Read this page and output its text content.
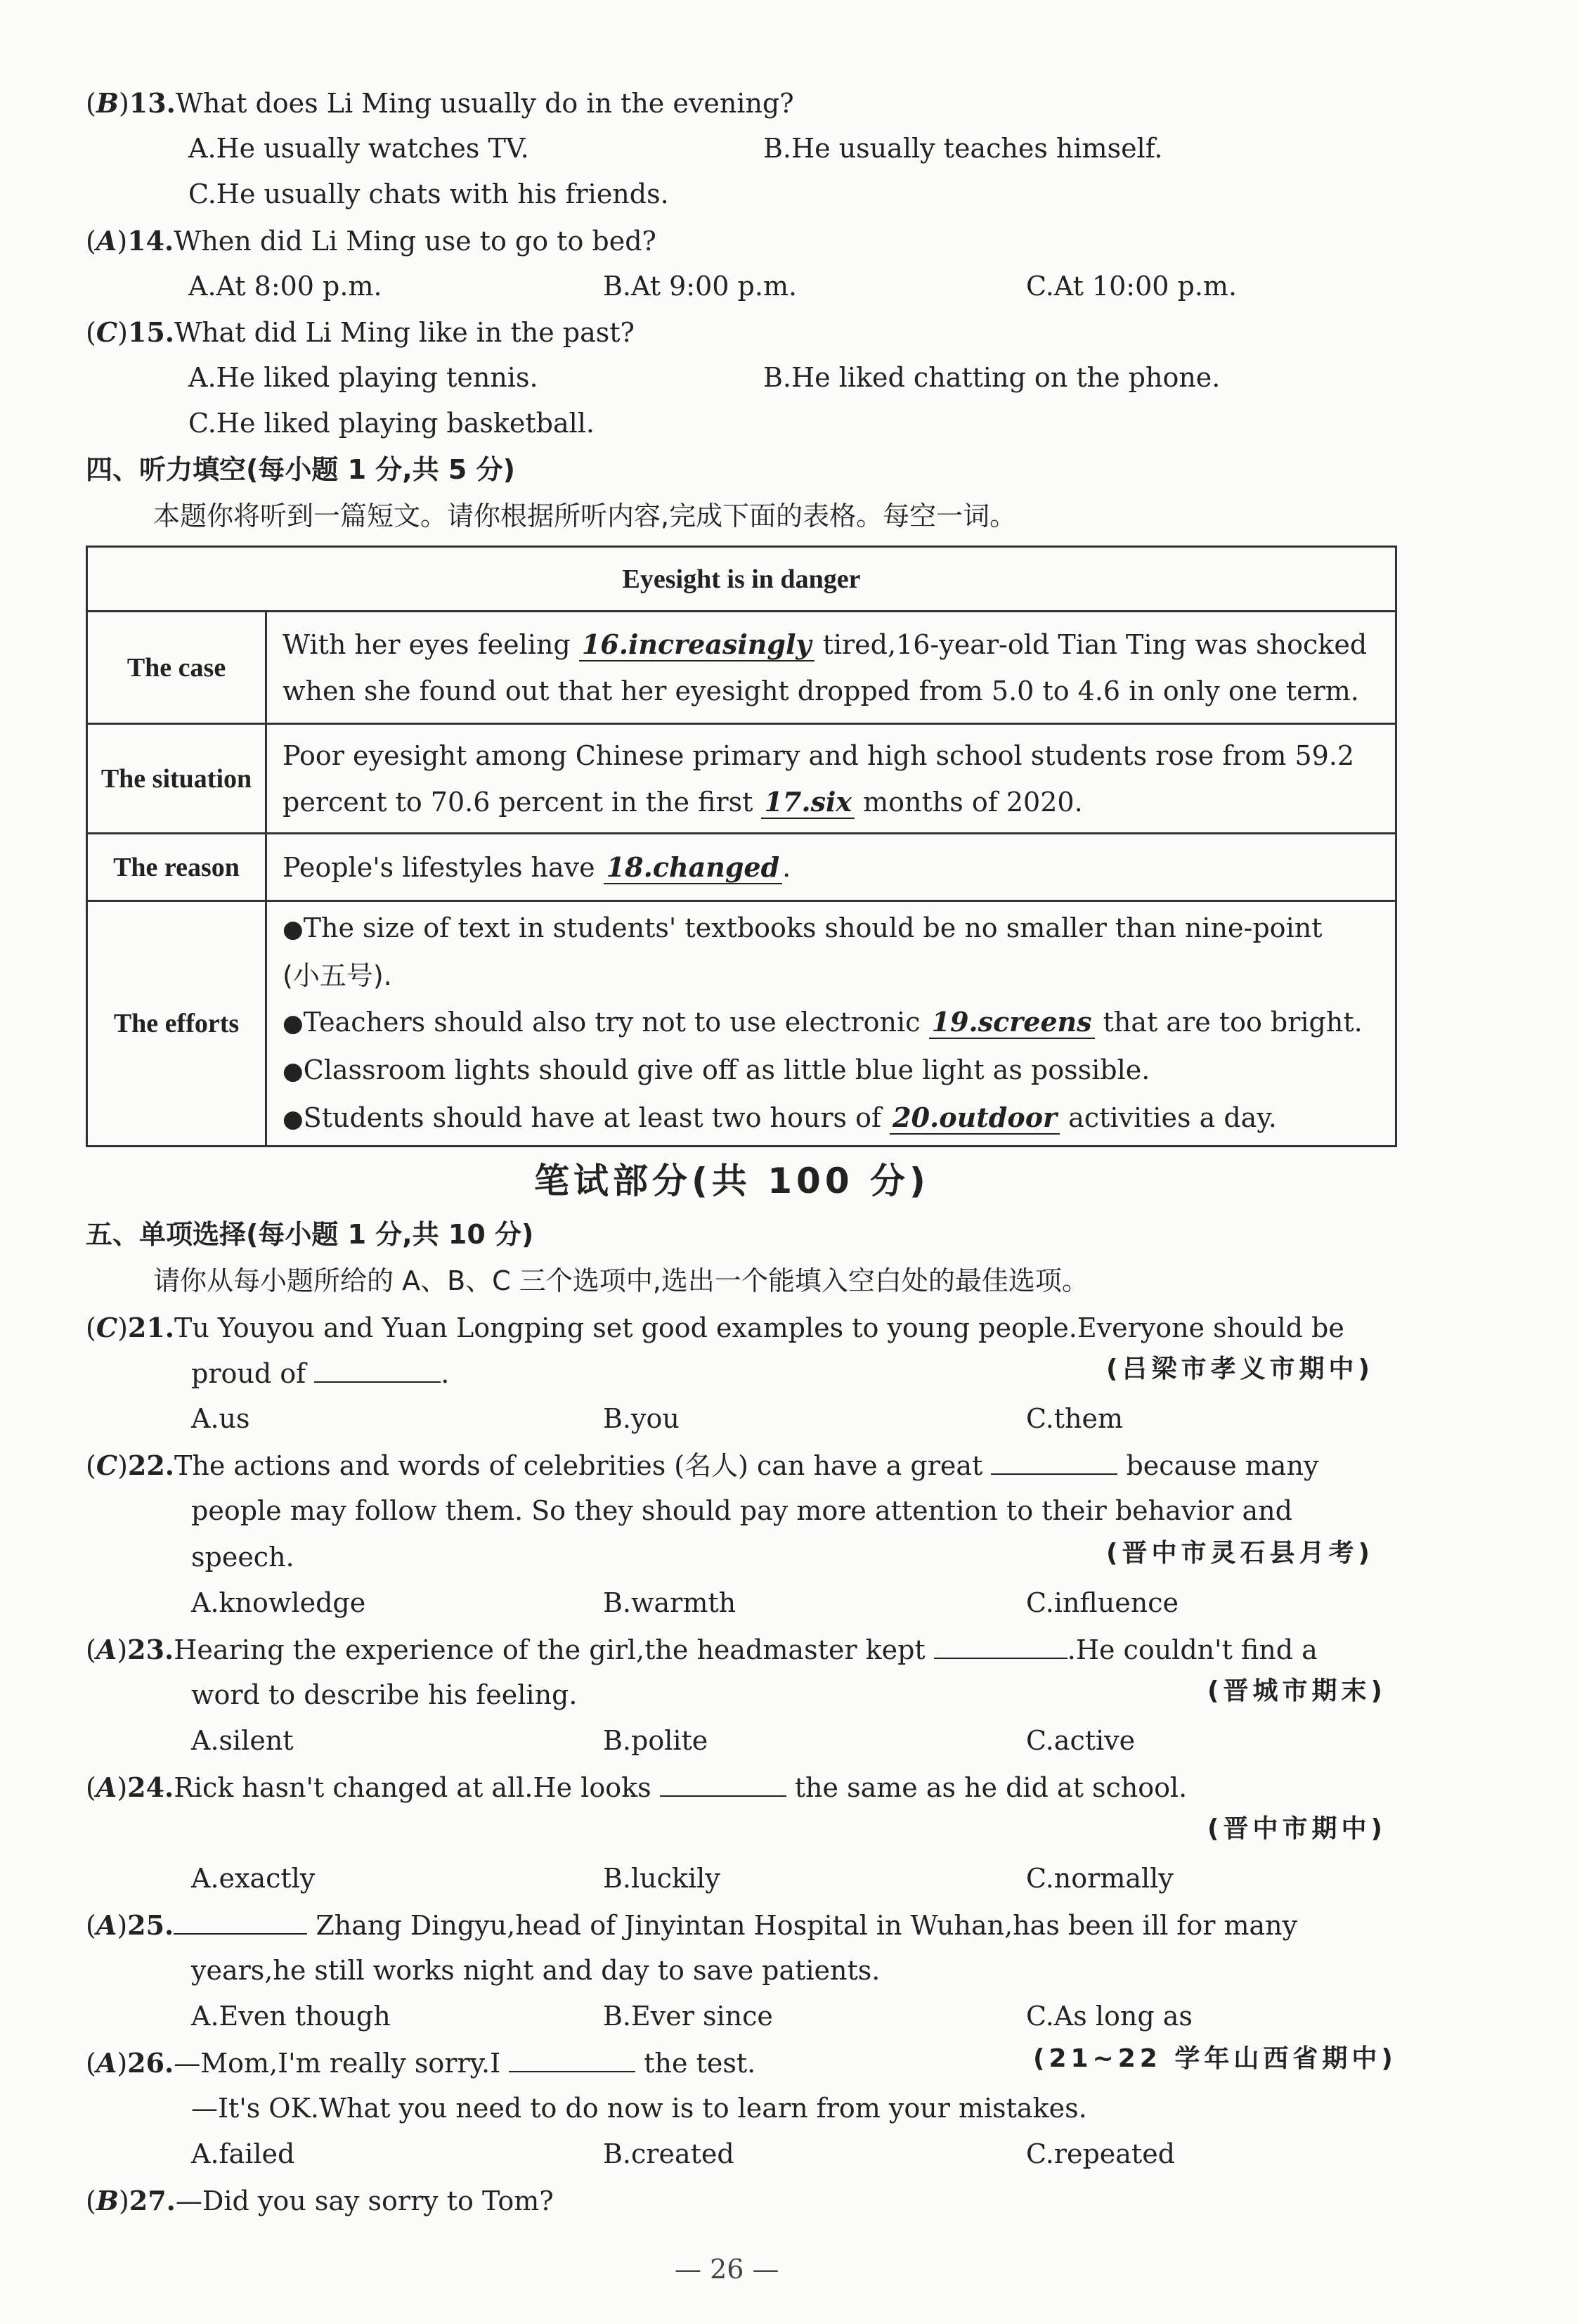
(B)13.What does Li Ming usually do in the evening?
A.He usually watches TV.	B.He usually teaches himself.
C.He usually chats with his friends.
(A)14.When did Li Ming use to go to bed?
A.At 8:00 p.m.	B.At 9:00 p.m.	C.At 10:00 p.m.
(C)15.What did Li Ming like in the past?
A.He liked playing tennis.	B.He liked chatting on the phone.
C.He liked playing basketball.
四、听力填空(每小题 1 分,共 5 分)
本题你将听到一篇短文。请你根据所听内容,完成下面的表格。每空一词。
Eyesight is in danger	
The case	With her eyes feeling 16.increasingly tired,16-year-old Tian Ting was shocked
when she found out that her eyesight dropped from 5.0 to 4.6 in only one term.

The situation	Poor eyesight among Chinese primary and high school students rose from 59.2
percent to 70.6 percent in the first 17.six months of 2020.

The reason	People's lifestyles have 18.changed .
The efforts	●The size of text in students' textbooks should be no smaller than nine-point
(小五号).
●Teachers should also try not to use electronic 19.screens that are too bright.
●Classroom lights should give off as little blue light as possible.
●Students should have at least two hours of 20.outdoor activities a day.
笔试部分(共 100 分)
五、单项选择(每小题 1 分,共 10 分)
请你从每小题所给的 A、B、C 三个选项中,选出一个能填入空白处的最佳选项。
(C)21.Tu Youyou and Yuan Longping set good examples to young people.Everyone should be
proud of	.	(吕梁市孝义市期中)
A.us	B.you	C.them
(C)22.The actions and words of celebrities (名人) can have a great	because many
people may follow them. So they should pay more attention to their behavior and
speech.	(晋中市灵石县月考)
A.knowledge	B.warmth	C.influence
(A)23.Hearing the experience of the girl,the headmaster kept	.He couldn't find a
word to describe his feeling.	(晋城市期末)
A.silent	B.polite	C.active
(A)24.Rick hasn't changed at all.He looks	the same as he did at school.
(晋中市期中)
A.exactly	B.luckily	C.normally
(A)25.	Zhang Dingyu,head of Jinyintan Hospital in Wuhan,has been ill for many
years,he still works night and day to save patients.
A.Even though	B.Ever since	C.As long as
(A)26.—Mom,I'm really sorry.I	the test.	(21~22 学年山西省期中)
—It's OK.What you need to do now is to learn from your mistakes.
A.failed	B.created	C.repeated
(B)27.—Did you say sorry to Tom?
— 26 —
